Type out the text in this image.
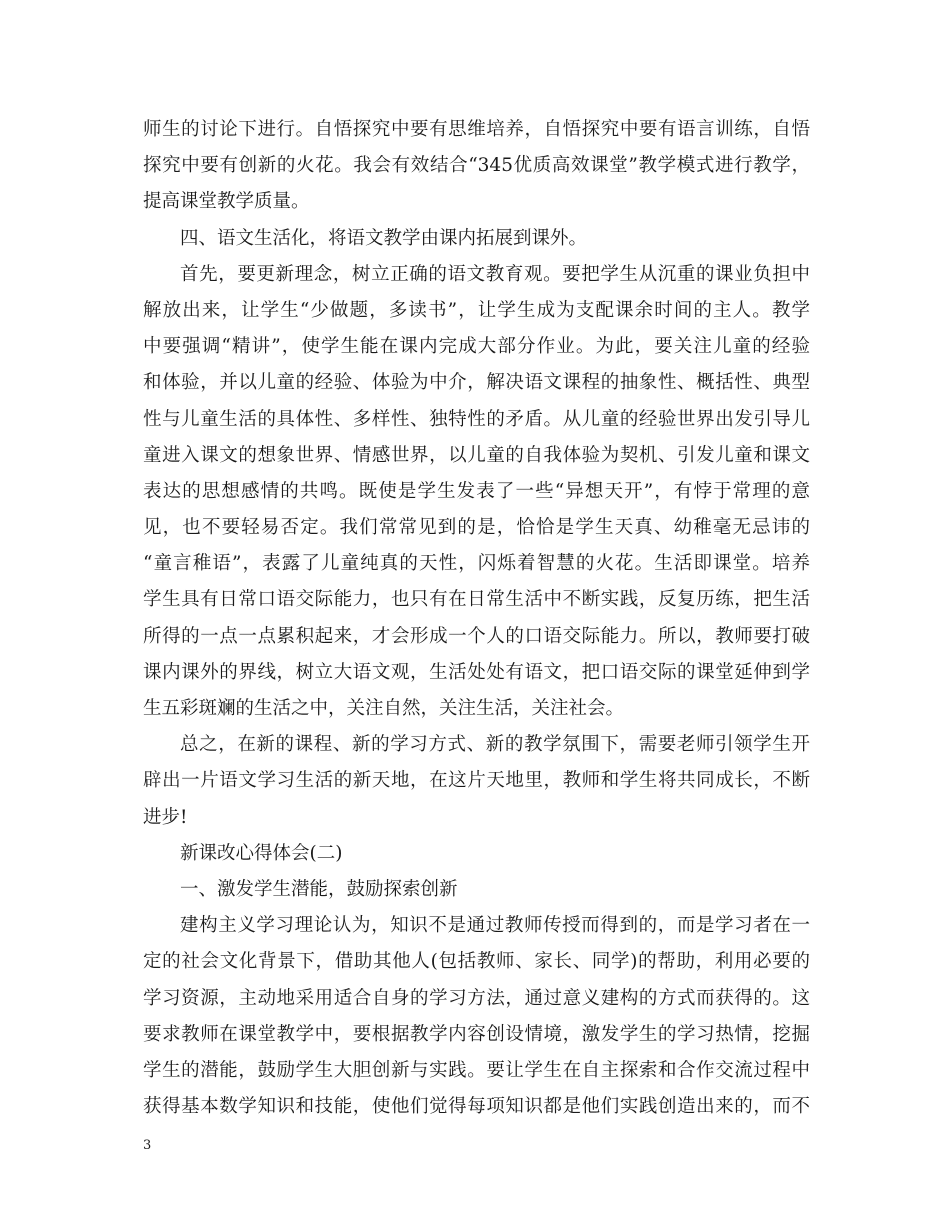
师生的讨论下进行。自悟探究中要有思维培养，自悟探究中要有语言训练，自悟
探究中要有创新的火花。我会有效结合“345优质高效课堂”教学模式进行教学，
提高课堂教学质量。
四、语文生活化，将语文教学由课内拓展到课外。
首先，要更新理念，树立正确的语文教育观。要把学生从沉重的课业负担中
解放出来，让学生“少做题，多读书”，让学生成为支配课余时间的主人。教学
中要强调“精讲”，使学生能在课内完成大部分作业。为此，要关注儿童的经验
和体验，并以儿童的经验、体验为中介，解决语文课程的抽象性、概括性、典型
性与儿童生活的具体性、多样性、独特性的矛盾。从儿童的经验世界出发引导儿
童进入课文的想象世界、情感世界，以儿童的自我体验为契机、引发儿童和课文
表达的思想感情的共鸣。既使是学生发表了一些“异想天开”，有悖于常理的意
见，也不要轻易否定。我们常常见到的是，恰恰是学生天真、幼稚毫无忌讳的
“童言稚语”，表露了儿童纯真的天性，闪烁着智慧的火花。生活即课堂。培养
学生具有日常口语交际能力，也只有在日常生活中不断实践，反复历练，把生活
所得的一点一点累积起来，才会形成一个人的口语交际能力。所以，教师要打破
课内课外的界线，树立大语文观，生活处处有语文，把口语交际的课堂延伸到学
生五彩斑斓的生活之中，关注自然，关注生活，关注社会。
总之，在新的课程、新的学习方式、新的教学氛围下，需要老师引领学生开
辟出一片语文学习生活的新天地，在这片天地里，教师和学生将共同成长，不断
进步!
新课改心得体会(二)
一、激发学生潜能，鼓励探索创新
建构主义学习理论认为，知识不是通过教师传授而得到的，而是学习者在一
定的社会文化背景下，借助其他人(包括教师、家长、同学)的帮助，利用必要的
学习资源，主动地采用适合自身的学习方法，通过意义建构的方式而获得的。这
要求教师在课堂教学中，要根据教学内容创设情境，激发学生的学习热情，挖掘
学生的潜能，鼓励学生大胆创新与实践。要让学生在自主探索和合作交流过程中
获得基本数学知识和技能，使他们觉得每项知识都是他们实践创造出来的，而不
3
